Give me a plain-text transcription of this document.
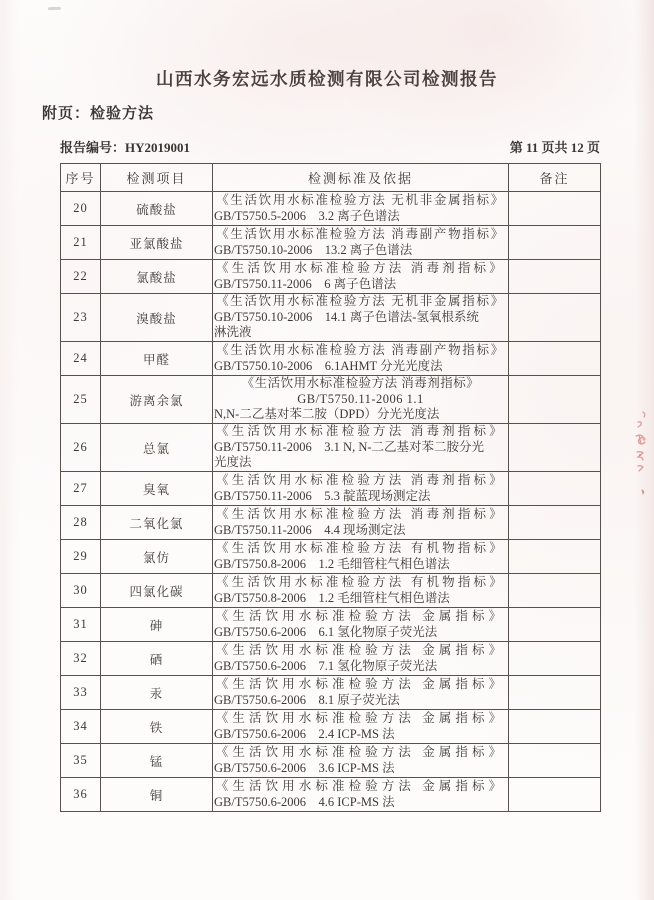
山西水务宏远水质检测有限公司检测报告
附页：检验方法
报告编号：HY2019001	第 11 页共 12 页
序号	检测项目	检测标准及依据	备注
20	硫酸盐	《生活饮用水标准检验方法 无机非金属指标》
GB/T5750.5-2006　3.2 离子色谱法	

21	亚氯酸盐	《生活饮用水标准检验方法 消毒副产物指标》
GB/T5750.10-2006　13.2 离子色谱法	

22	氯酸盐	《生活饮用水标准检验方法 消毒剂指标》
GB/T5750.11-2006　6 离子色谱法	

23	溴酸盐	《生活饮用水标准检验方法 无机非金属指标》
GB/T5750.10-2006　14.1 离子色谱法-氢氧根系统
淋洗液	

24	甲醛	《生活饮用水标准检验方法 消毒副产物指标》
GB/T5750.10-2006　6.1AHMT 分光光度法	

25	游离余氯	《生活饮用水标准检验方法 消毒剂指标》
GB/T5750.11-2006 1.1
N,N-二乙基对苯二胺（DPD）分光光度法	

26	总氯	《生活饮用水标准检验方法 消毒剂指标》
GB/T5750.11-2006　3.1 N, N-二乙基对苯二胺分光
光度法	

27	臭氧	《生活饮用水标准检验方法 消毒剂指标》
GB/T5750.11-2006　5.3 靛蓝现场测定法	

28	二氧化氯	《生活饮用水标准检验方法 消毒剂指标》
GB/T5750.11-2006　4.4 现场测定法	

29	氯仿	《生活饮用水标准检验方法 有机物指标》
GB/T5750.8-2006　1.2 毛细管柱气相色谱法	

30	四氯化碳	《生活饮用水标准检验方法 有机物指标》
GB/T5750.8-2006　1.2 毛细管柱气相色谱法	

31	砷	《生活饮用水标准检验方法 金属指标》
GB/T5750.6-2006　6.1 氢化物原子荧光法	

32	硒	《生活饮用水标准检验方法 金属指标》
GB/T5750.6-2006　7.1 氢化物原子荧光法	

33	汞	《生活饮用水标准检验方法 金属指标》
GB/T5750.6-2006　8.1 原子荧光法	

34	铁	《生活饮用水标准检验方法 金属指标》
GB/T5750.6-2006　2.4 ICP-MS 法	

35	锰	《生活饮用水标准检验方法 金属指标》
GB/T5750.6-2006　3.6 ICP-MS 法	

36	铜	《生活饮用水标准检验方法 金属指标》
GB/T5750.6-2006　4.6 ICP-MS 法	
